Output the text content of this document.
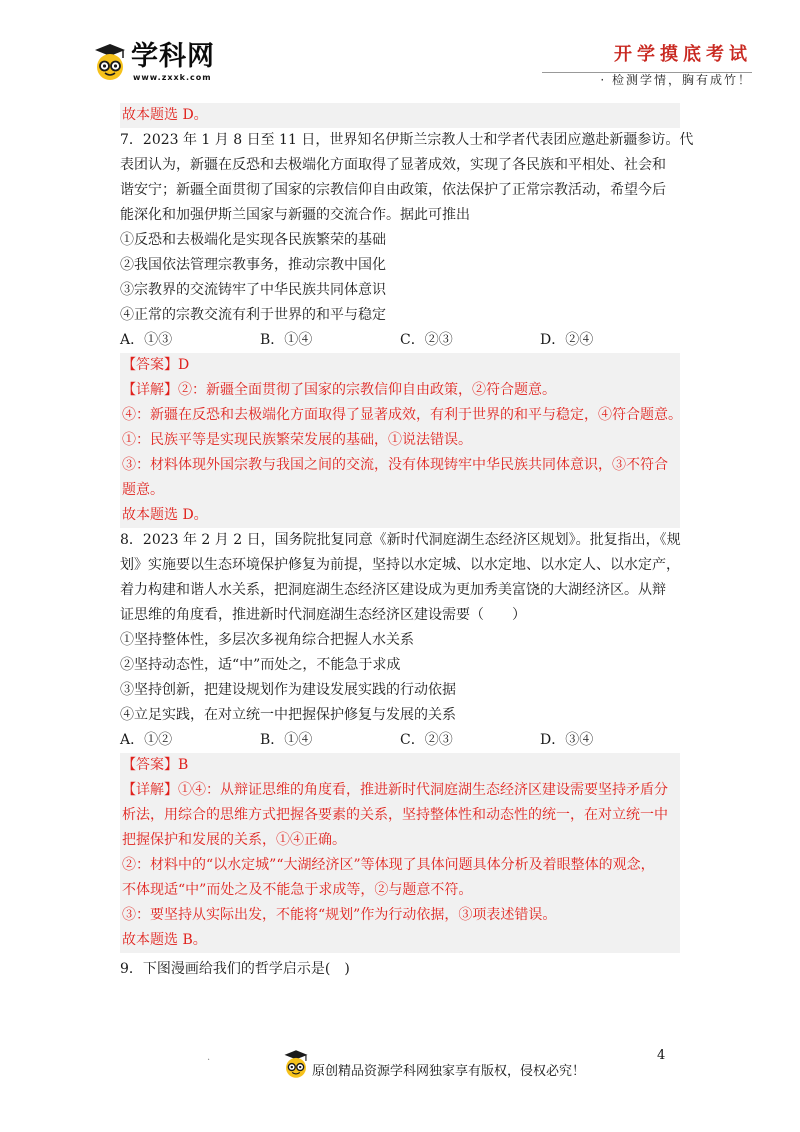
学科网
www.zxxk.com
开学摸底考试
· 检测学情，胸有成竹！
故本题选 D。
7．2023 年 1 月 8 日至 11 日，世界知名伊斯兰宗教人士和学者代表团应邀赴新疆参访。代
表团认为，新疆在反恐和去极端化方面取得了显著成效，实现了各民族和平相处、社会和
谐安宁；新疆全面贯彻了国家的宗教信仰自由政策，依法保护了正常宗教活动，希望今后
能深化和加强伊斯兰国家与新疆的交流合作。据此可推出
①反恐和去极端化是实现各民族繁荣的基础
②我国依法管理宗教事务，推动宗教中国化
③宗教界的交流铸牢了中华民族共同体意识
④正常的宗教交流有利于世界的和平与稳定
A．①③	B．①④	C．②③	D．②④
【答案】D
【详解】②：新疆全面贯彻了国家的宗教信仰自由政策，②符合题意。
④：新疆在反恐和去极端化方面取得了显著成效，有利于世界的和平与稳定，④符合题意。
①：民族平等是实现民族繁荣发展的基础，①说法错误。
③：材料体现外国宗教与我国之间的交流，没有体现铸牢中华民族共同体意识，③不符合
题意。
故本题选 D。
8．2023 年 2 月 2 日，国务院批复同意《新时代洞庭湖生态经济区规划》。批复指出，《规
划》实施要以生态环境保护修复为前提，坚持以水定城、以水定地、以水定人、以水定产，
着力构建和谐人水关系，把洞庭湖生态经济区建设成为更加秀美富饶的大湖经济区。从辩
证思维的角度看，推进新时代洞庭湖生态经济区建设需要（　　）
①坚持整体性，多层次多视角综合把握人水关系
②坚持动态性，适“中”而处之，不能急于求成
③坚持创新，把建设规划作为建设发展实践的行动依据
④立足实践，在对立统一中把握保护修复与发展的关系
A．①②	B．①④	C．②③	D．③④
【答案】B
【详解】①④：从辩证思维的角度看，推进新时代洞庭湖生态经济区建设需要坚持矛盾分
析法，用综合的思维方式把握各要素的关系，坚持整体性和动态性的统一，在对立统一中
把握保护和发展的关系，①④正确。
②：材料中的“以水定城”“大湖经济区”等体现了具体问题具体分析及着眼整体的观念，
不体现适“中”而处之及不能急于求成等，②与题意不符。
③：要坚持从实际出发，不能将“规划”作为行动依据，③项表述错误。
故本题选 B。
9．下图漫画给我们的哲学启示是(　)
.
原创精品资源学科网独家享有版权，侵权必究！
4
